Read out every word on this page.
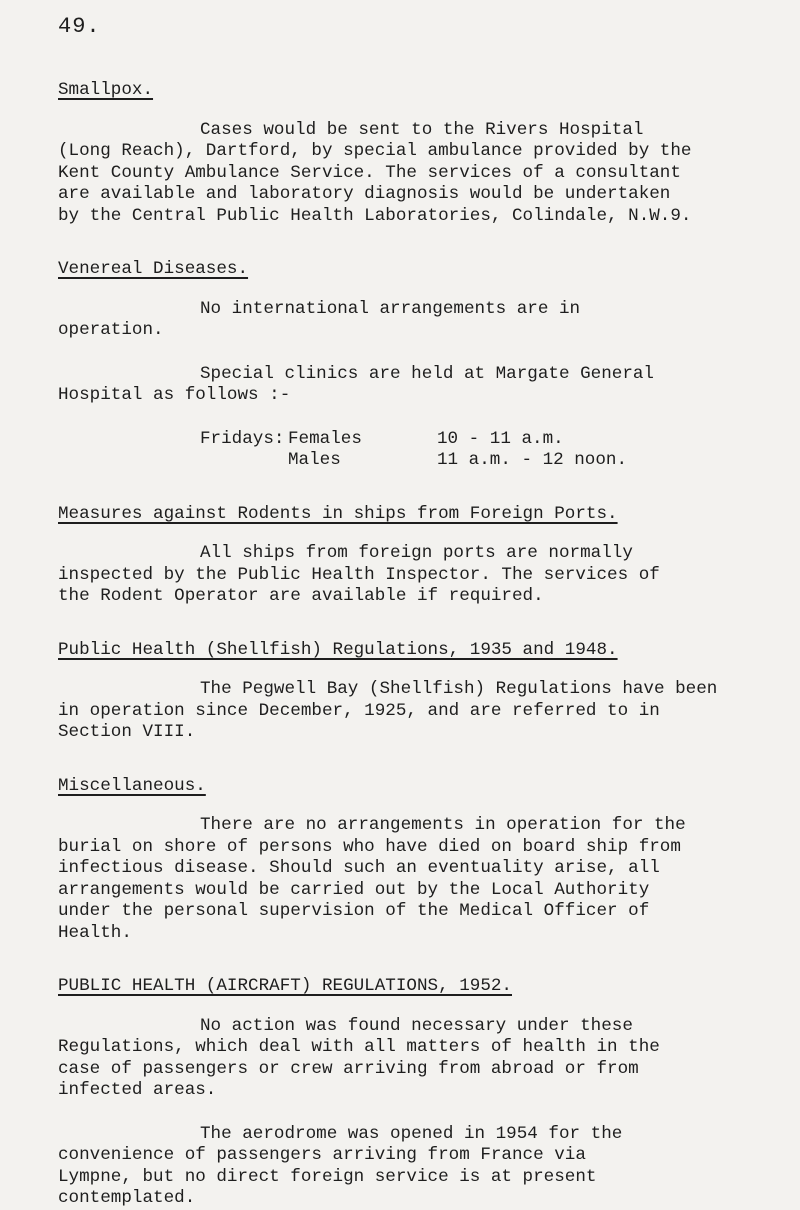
49.
Smallpox.

Cases would be sent to the Rivers Hospital
(Long Reach), Dartford, by special ambulance provided by the
Kent County Ambulance Service. The services of a consultant
are available and laboratory diagnosis would be undertaken
by the Central Public Health Laboratories, Colindale, N.W.9.

Venereal Diseases.

No international arrangements are in
operation.

Special clinics are held at Margate General
Hospital as follows :-

Fridays: Females	10 - 11 a.m.
Males	11 a.m. - 12 noon.
Measures against Rodents in ships from Foreign Ports.

All ships from foreign ports are normally
inspected by the Public Health Inspector. The services of
the Rodent Operator are available if required.

Public Health (Shellfish) Regulations, 1935 and 1948.

The Pegwell Bay (Shellfish) Regulations have been
in operation since December, 1925, and are referred to in
Section VIII.

Miscellaneous.

There are no arrangements in operation for the
burial on shore of persons who have died on board ship from
infectious disease. Should such an eventuality arise, all
arrangements would be carried out by the Local Authority
under the personal supervision of the Medical Officer of
Health.

PUBLIC HEALTH (AIRCRAFT) REGULATIONS, 1952.

No action was found necessary under these
Regulations, which deal with all matters of health in the
case of passengers or crew arriving from abroad or from
infected areas.

The aerodrome was opened in 1954 for the
convenience of passengers arriving from France via
Lympne, but no direct foreign service is at present
contemplated.
